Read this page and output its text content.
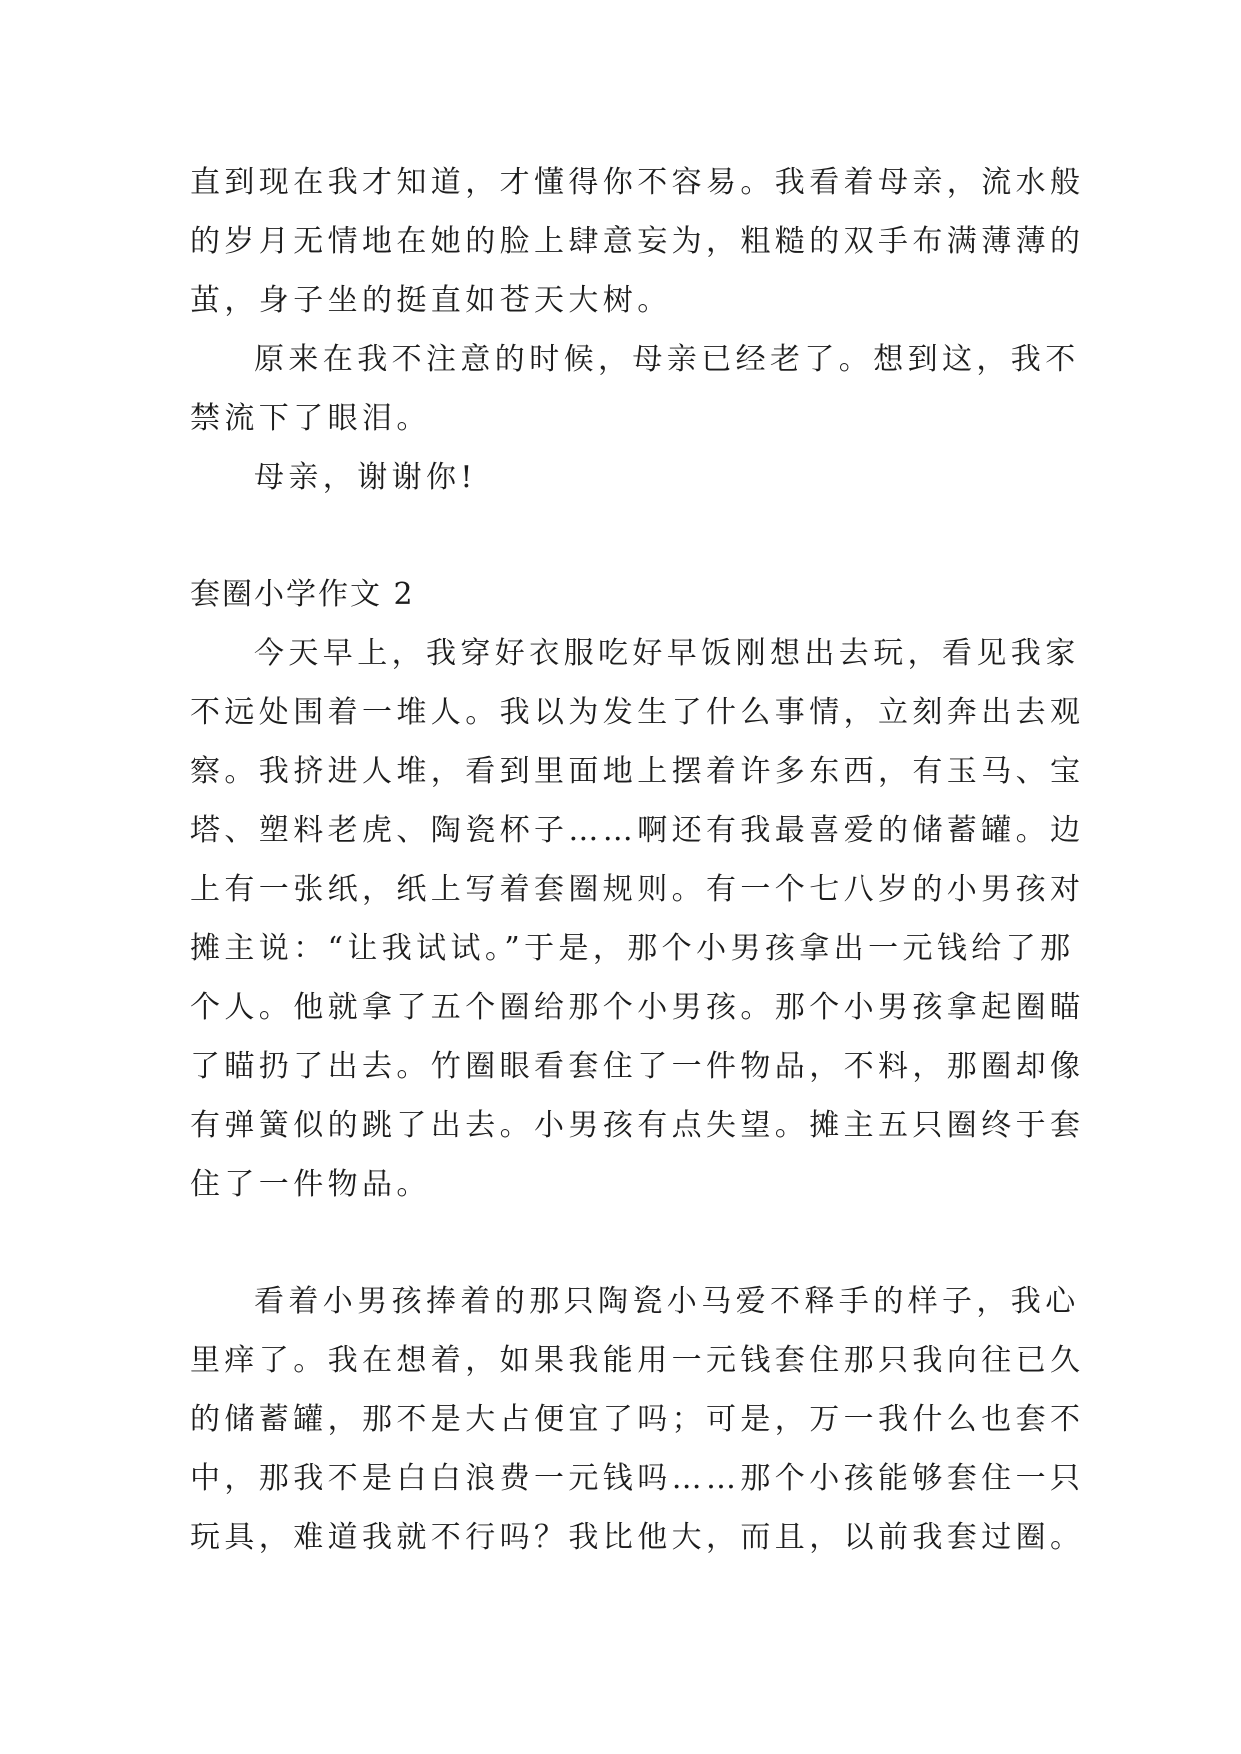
直到现在我才知道，才懂得你不容易。我看着母亲，流水般
的岁月无情地在她的脸上肆意妄为，粗糙的双手布满薄薄的
茧，身子坐的挺直如苍天大树。
原来在我不注意的时候，母亲已经老了。想到这，我不
禁流下了眼泪。
母亲，谢谢你!
套圈小学作文 2
今天早上，我穿好衣服吃好早饭刚想出去玩，看见我家
不远处围着一堆人。我以为发生了什么事情，立刻奔出去观
察。我挤进人堆，看到里面地上摆着许多东西，有玉马、宝
塔、塑料老虎、陶瓷杯子……啊还有我最喜爱的储蓄罐。边
上有一张纸，纸上写着套圈规则。有一个七八岁的小男孩对
摊主说：“让我试试。”于是，那个小男孩拿出一元钱给了那
个人。他就拿了五个圈给那个小男孩。那个小男孩拿起圈瞄
了瞄扔了出去。竹圈眼看套住了一件物品，不料，那圈却像
有弹簧似的跳了出去。小男孩有点失望。摊主五只圈终于套
住了一件物品。
看着小男孩捧着的那只陶瓷小马爱不释手的样子，我心
里痒了。我在想着，如果我能用一元钱套住那只我向往已久
的储蓄罐，那不是大占便宜了吗；可是，万一我什么也套不
中，那我不是白白浪费一元钱吗……那个小孩能够套住一只
玩具，难道我就不行吗？我比他大，而且，以前我套过圈。
